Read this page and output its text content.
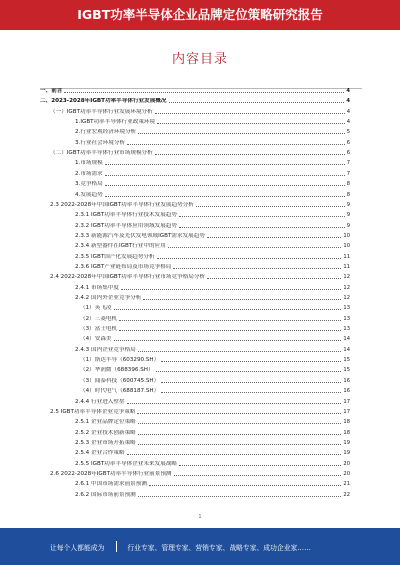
IGBT功率半导体企业品牌定位策略研究报告
内容目录
一、前言	4
二、2023-2028年IGBT功率半导体行业发展概况	4
（一）IGBT功率半导体行业发展环境分析	4
1.IGBT功率半导体行业政策环境	4
2.行业宏观经济环境分析	5
3.行业社会环境分析	6
（二）IGBT功率半导体行业市场规模分析	6
1.市场规模	7
2.市场需求	7
3.竞争格局	8
4.发展趋势	8
2.3 2022-2028年中国IGBT功率半导体行业发展趋势分析	9
2.3.1 IGBT功率半导体行业技术发展趋势	9
2.3.2 IGBT功率半导体应用领域发展趋势	9
2.3.3 新能源汽车及光伏发电领域IGBT需求发展趋势	10
2.3.4 新型器件在IGBT行业中的应用	10
2.3.5 IGBT国产化发展趋势分析	11
2.3.6 IGBT产业链布局及市场竞争格局	11
2.4 2022-2028年中国IGBT功率半导体行业市场竞争格局分析	12
2.4.1 市场集中度	12
2.4.2 国内外企业竞争分析	12
（1）英飞凌	13
（2）三菱电机	13
（3）富士电机	13
（4）安森美	14
2.4.3 国内企业竞争格局	14
（1）斯达半导（603290.SH）	15
（2）华润微（688396.SH）	15
（3）闻泰科技（600745.SH）	16
（4）时代电气（688187.SH）	16
2.4.4 行业进入壁垒	17
2.5 IGBT功率半导体企业竞争策略	17
2.5.1 企业品牌定位策略	18
2.5.2 企业技术创新策略	18
2.5.3 企业市场开拓策略	19
2.5.4 企业合作策略	19
2.5.5 IGBT功率半导体企业未来发展战略	20
2.6 2022-2028年IGBT功率半导体行业前景预测	20
2.6.1 中国市场需求前景预测	21
2.6.2 国际市场前景预测	22
1
让每个人都能成为	行业专家、管理专家、营销专家、战略专家、成功企业家……
